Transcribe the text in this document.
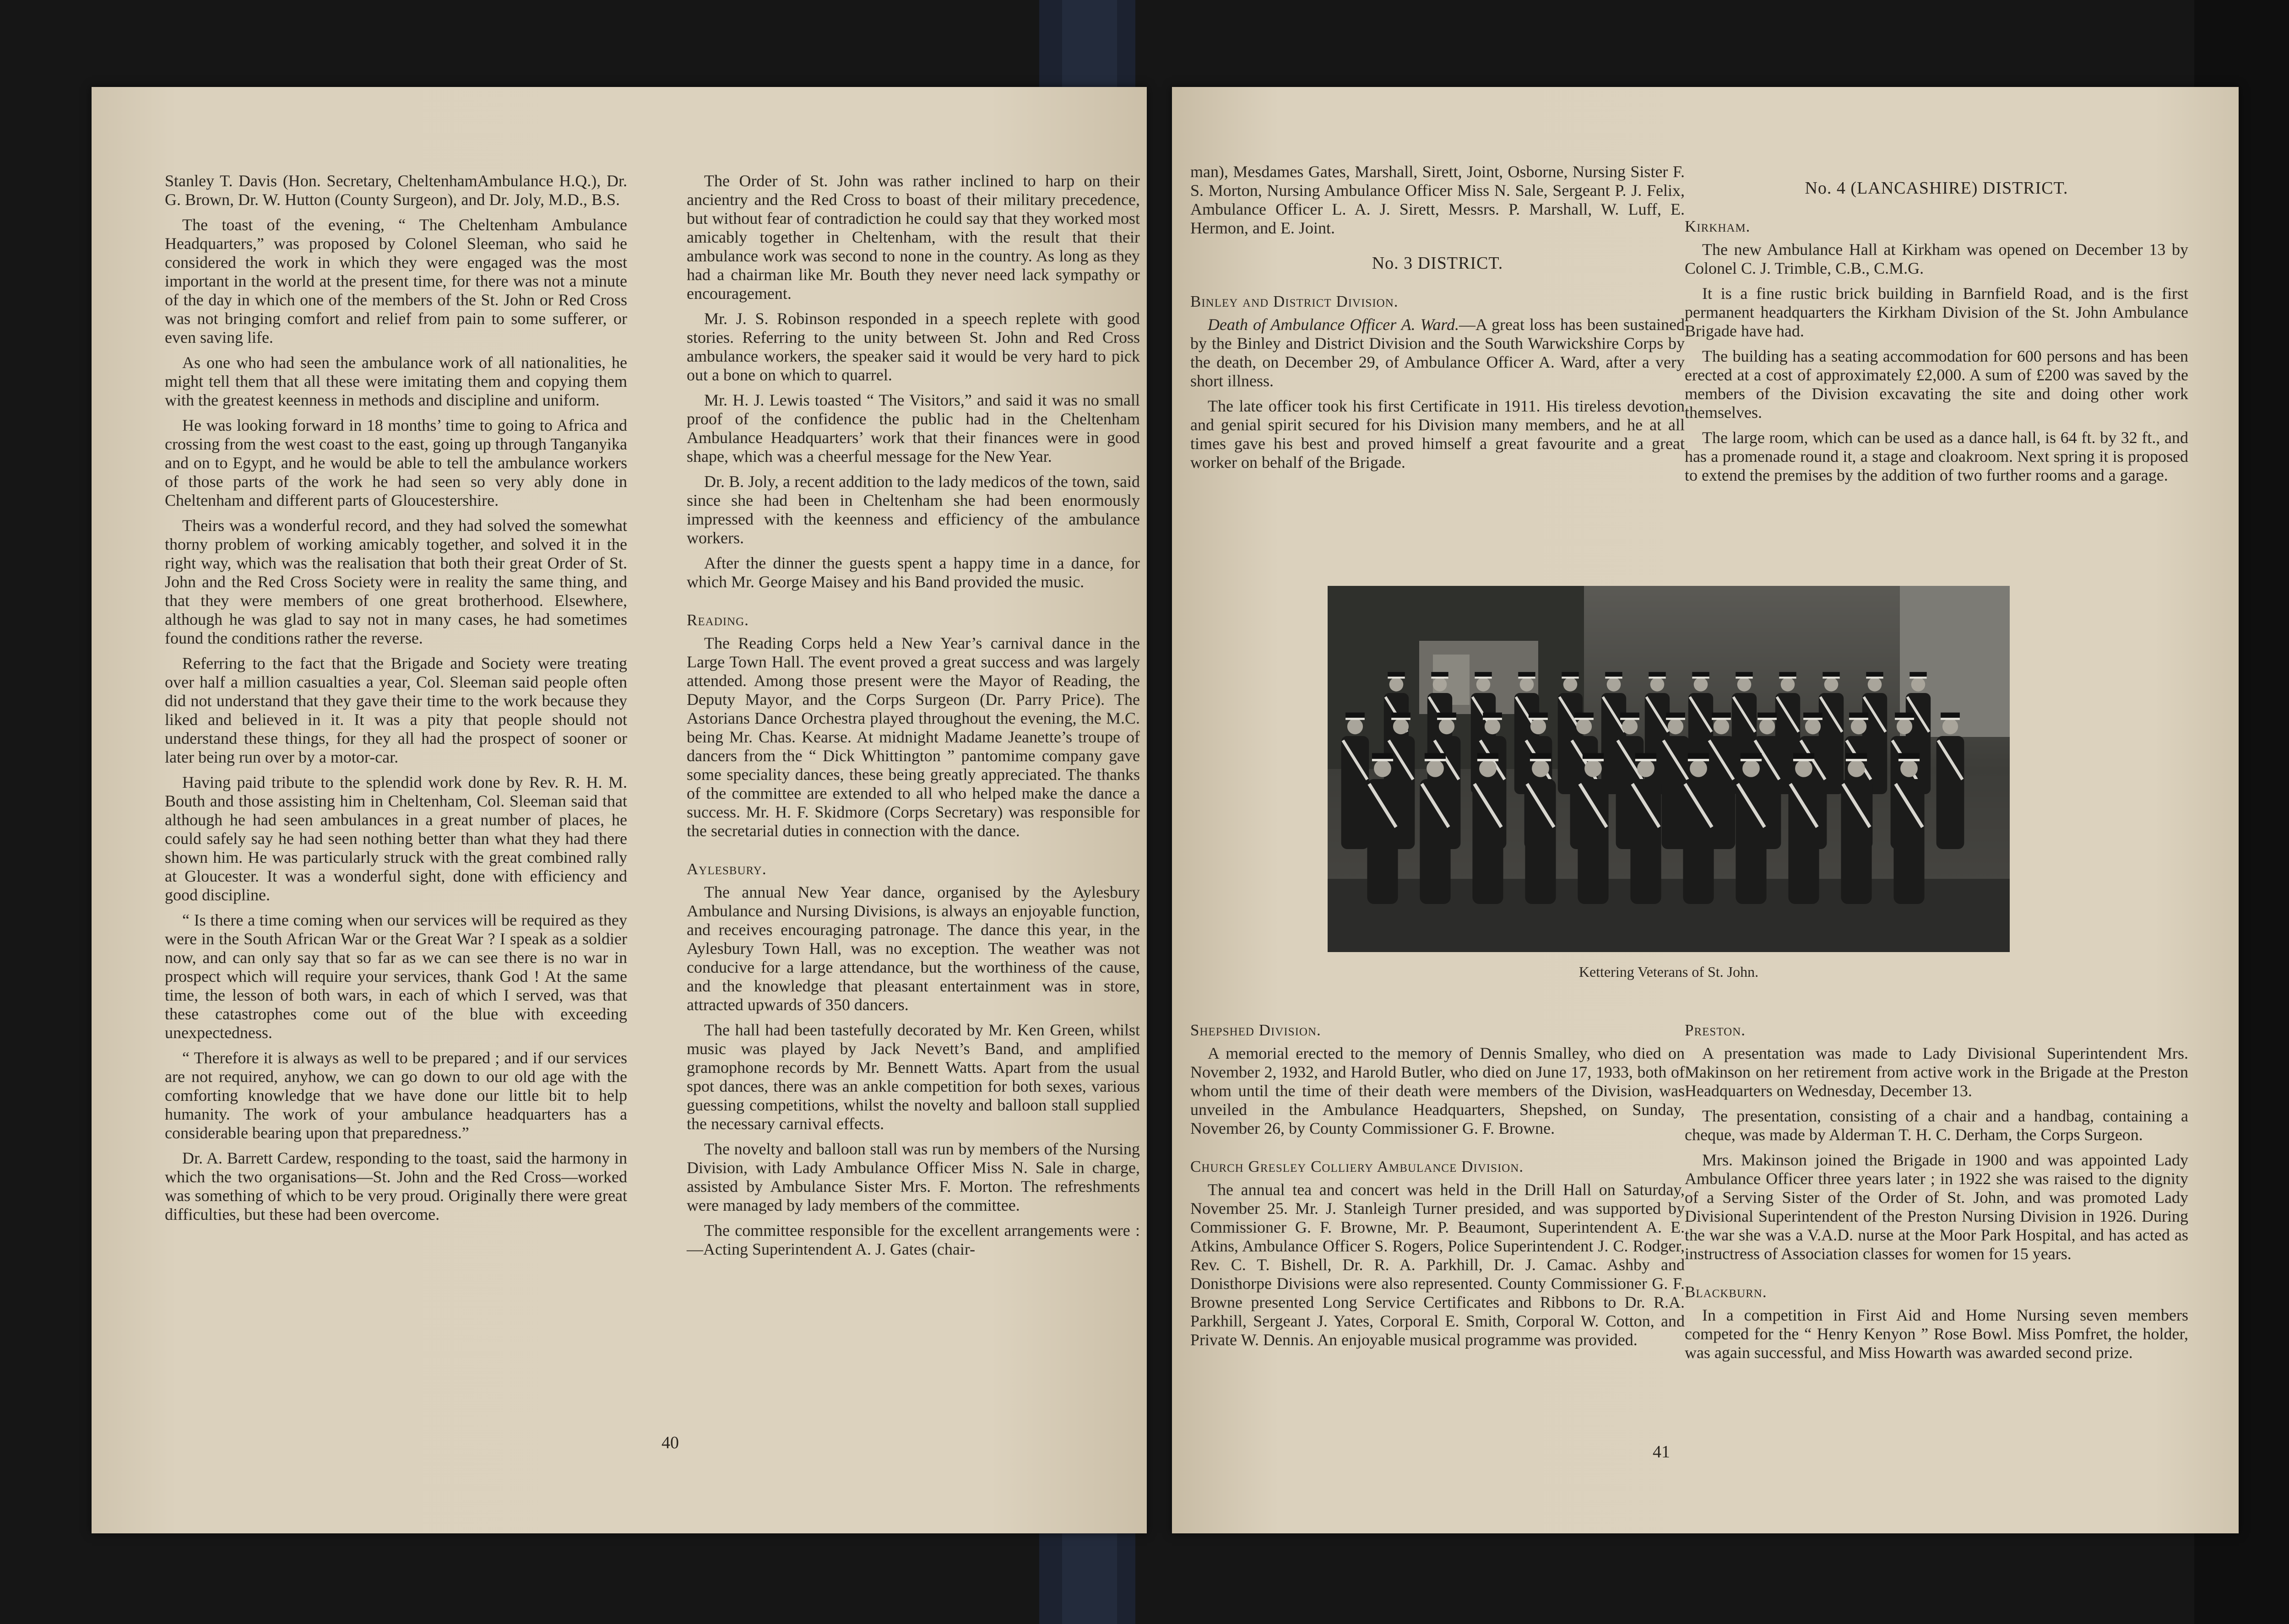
Stanley T. Davis (Hon. Secretary, CheltenhamAmbulance H.Q.), Dr. G. Brown, Dr. W. Hutton (County Surgeon), and Dr. Joly, M.D., B.S.

The toast of the evening, “ The Cheltenham Ambulance Headquarters,” was proposed by Colonel Sleeman, who said he considered the work in which they were engaged was the most important in the world at the present time, for there was not a minute of the day in which one of the members of the St. John or Red Cross was not bringing comfort and relief from pain to some sufferer, or even saving life.

As one who had seen the ambulance work of all nationalities, he might tell them that all these were imitating them and copying them with the greatest keenness in methods and discipline and uniform.

He was looking forward in 18 months’ time to going to Africa and crossing from the west coast to the east, going up through Tanganyika and on to Egypt, and he would be able to tell the ambulance workers of those parts of the work he had seen so very ably done in Cheltenham and different parts of Gloucestershire.

Theirs was a wonderful record, and they had solved the somewhat thorny problem of working amicably together, and solved it in the right way, which was the realisation that both their great Order of St. John and the Red Cross Society were in reality the same thing, and that they were members of one great brotherhood. Elsewhere, although he was glad to say not in many cases, he had sometimes found the conditions rather the reverse.

Referring to the fact that the Brigade and Society were treating over half a million casualties a year, Col. Sleeman said people often did not understand that they gave their time to the work because they liked and believed in it. It was a pity that people should not understand these things, for they all had the prospect of sooner or later being run over by a motor-car.

Having paid tribute to the splendid work done by Rev. R. H. M. Bouth and those assisting him in Cheltenham, Col. Sleeman said that although he had seen ambulances in a great number of places, he could safely say he had seen nothing better than what they had there shown him. He was particularly struck with the great combined rally at Gloucester. It was a wonderful sight, done with efficiency and good discipline.

“ Is there a time coming when our services will be required as they were in the South African War or the Great War ? I speak as a soldier now, and can only say that so far as we can see there is no war in prospect which will require your services, thank God ! At the same time, the lesson of both wars, in each of which I served, was that these catastrophes come out of the blue with exceeding unexpectedness.

“ Therefore it is always as well to be prepared ; and if our services are not required, anyhow, we can go down to our old age with the comforting knowledge that we have done our little bit to help humanity. The work of your ambulance headquarters has a considerable bearing upon that preparedness.”

Dr. A. Barrett Cardew, responding to the toast, said the harmony in which the two organisations—St. John and the Red Cross—worked was something of which to be very proud. Originally there were great difficulties, but these had been overcome.

The Order of St. John was rather inclined to harp on their ancientry and the Red Cross to boast of their military precedence, but without fear of contradiction he could say that they worked most amicably together in Cheltenham, with the result that their ambulance work was second to none in the country. As long as they had a chairman like Mr. Bouth they never need lack sympathy or encouragement.

Mr. J. S. Robinson responded in a speech replete with good stories. Referring to the unity between St. John and Red Cross ambulance workers, the speaker said it would be very hard to pick out a bone on which to quarrel.

Mr. H. J. Lewis toasted “ The Visitors,” and said it was no small proof of the confidence the public had in the Cheltenham Ambulance Headquarters’ work that their finances were in good shape, which was a cheerful message for the New Year.

Dr. B. Joly, a recent addition to the lady medicos of the town, said since she had been in Cheltenham she had been enormously impressed with the keenness and efficiency of the ambulance workers.

After the dinner the guests spent a happy time in a dance, for which Mr. George Maisey and his Band provided the music.

Reading.

The Reading Corps held a New Year’s carnival dance in the Large Town Hall. The event proved a great success and was largely attended. Among those present were the Mayor of Reading, the Deputy Mayor, and the Corps Surgeon (Dr. Parry Price). The Astorians Dance Orchestra played throughout the evening, the M.C. being Mr. Chas. Kearse. At midnight Madame Jeanette’s troupe of dancers from the “ Dick Whittington ” pantomime company gave some speciality dances, these being greatly appreciated. The thanks of the committee are extended to all who helped make the dance a success. Mr. H. F. Skidmore (Corps Secretary) was responsible for the secretarial duties in connection with the dance.

Aylesbury.

The annual New Year dance, organised by the Aylesbury Ambulance and Nursing Divisions, is always an enjoyable function, and receives encouraging patronage. The dance this year, in the Aylesbury Town Hall, was no exception. The weather was not conducive for a large attendance, but the worthiness of the cause, and the knowledge that pleasant entertainment was in store, attracted upwards of 350 dancers.

The hall had been tastefully decorated by Mr. Ken Green, whilst music was played by Jack Nevett’s Band, and amplified gramophone records by Mr. Bennett Watts. Apart from the usual spot dances, there was an ankle competition for both sexes, various guessing competitions, whilst the novelty and balloon stall supplied the necessary carnival effects.

The novelty and balloon stall was run by members of the Nursing Division, with Lady Ambulance Officer Miss N. Sale in charge, assisted by Ambulance Sister Mrs. F. Morton. The refreshments were managed by lady members of the committee.

The committee responsible for the excellent arrangements were :—Acting Superintendent A. J. Gates (chair-

40

man), Mesdames Gates, Marshall, Sirett, Joint, Osborne, Nursing Sister F. S. Morton, Nursing Ambulance Officer Miss N. Sale, Sergeant P. J. Felix, Ambulance Officer L. A. J. Sirett, Messrs. P. Marshall, W. Luff, E. Hermon, and E. Joint.

No. 3 DISTRICT.

Binley and District Division.

Death of Ambulance Officer A. Ward.—A great loss has been sustained by the Binley and District Division and the South Warwickshire Corps by the death, on December 29, of Ambulance Officer A. Ward, after a very short illness.

The late officer took his first Certificate in 1911. His tireless devotion and genial spirit secured for his Division many members, and he at all times gave his best and proved himself a great favourite and a great worker on behalf of the Brigade.

No. 4 (LANCASHIRE) DISTRICT.

Kirkham.

The new Ambulance Hall at Kirkham was opened on December 13 by Colonel C. J. Trimble, C.B., C.M.G.

It is a fine rustic brick building in Barnfield Road, and is the first permanent headquarters the Kirkham Division of the St. John Ambulance Brigade have had.

The building has a seating accommodation for 600 persons and has been erected at a cost of approximately £2,000. A sum of £200 was saved by the members of the Division excavating the site and doing other work themselves.

The large room, which can be used as a dance hall, is 64 ft. by 32 ft., and has a promenade round it, a stage and cloakroom. Next spring it is proposed to extend the premises by the addition of two further rooms and a garage.

Kettering Veterans of St. John.

Shepshed Division.

A memorial erected to the memory of Dennis Smalley, who died on November 2, 1932, and Harold Butler, who died on June 17, 1933, both of whom until the time of their death were members of the Division, was unveiled in the Ambulance Headquarters, Shepshed, on Sunday, November 26, by County Commissioner G. F. Browne.

Church Gresley Colliery Ambulance Division.

The annual tea and concert was held in the Drill Hall on Saturday, November 25. Mr. J. Stanleigh Turner presided, and was supported by Commissioner G. F. Browne, Mr. P. Beaumont, Superintendent A. E. Atkins, Ambulance Officer S. Rogers, Police Superintendent J. C. Rodger, Rev. C. T. Bishell, Dr. R. A. Parkhill, Dr. J. Camac. Ashby and Donisthorpe Divisions were also represented. County Commissioner G. F. Browne presented Long Service Certificates and Ribbons to Dr. R.A. Parkhill, Sergeant J. Yates, Corporal E. Smith, Corporal W. Cotton, and Private W. Dennis. An enjoyable musical programme was provided.

Preston.

A presentation was made to Lady Divisional Superintendent Mrs. Makinson on her retirement from active work in the Brigade at the Preston Headquarters on Wednesday, December 13.

The presentation, consisting of a chair and a handbag, containing a cheque, was made by Alderman T. H. C. Derham, the Corps Surgeon.

Mrs. Makinson joined the Brigade in 1900 and was appointed Lady Ambulance Officer three years later ; in 1922 she was raised to the dignity of a Serving Sister of the Order of St. John, and was promoted Lady Divisional Superintendent of the Preston Nursing Division in 1926. During the war she was a V.A.D. nurse at the Moor Park Hospital, and has acted as instructress of Association classes for women for 15 years.

Blackburn.

In a competition in First Aid and Home Nursing seven members competed for the “ Henry Kenyon ” Rose Bowl. Miss Pomfret, the holder, was again successful, and Miss Howarth was awarded second prize.

41
